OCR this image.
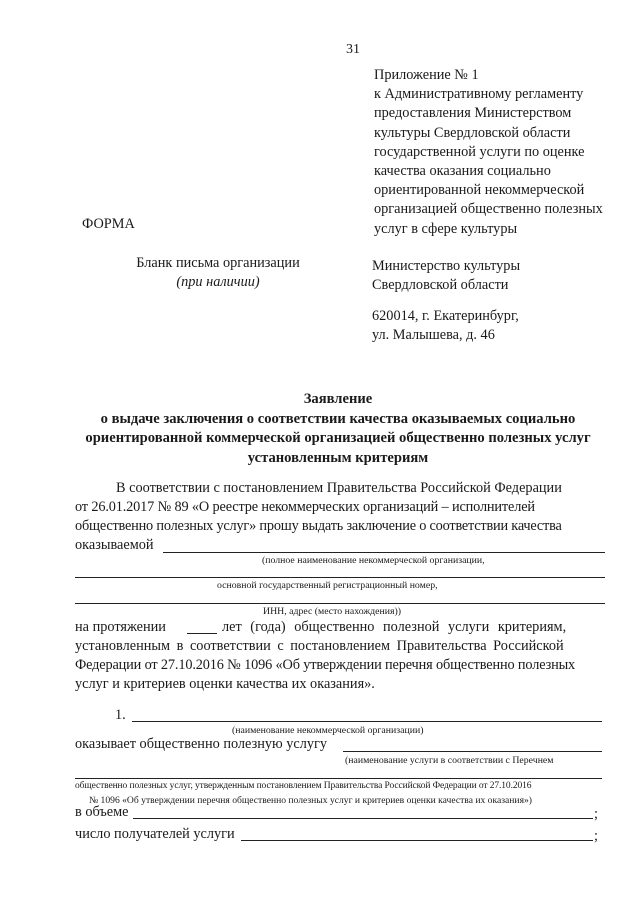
31
Приложение № 1
к Административному регламенту
предоставления Министерством
культуры Свердловской области
государственной услуги по оценке
качества оказания социально
ориентированной некоммерческой
организацией общественно полезных
услуг в сфере культуры
ФОРМА
Бланк письма организации
(при наличии)
Министерство культуры
Свердловской области
620014, г. Екатеринбург,
ул. Малышева, д. 46
Заявление
о выдаче заключения о соответствии качества оказываемых социально
ориентированной коммерческой организацией общественно полезных услуг
установленным критериям
В соответствии с постановлением Правительства Российской Федерации
от 26.01.2017 № 89 «О реестре некоммерческих организаций – исполнителей
общественно полезных услуг» прошу выдать заключение о соответствии качества
оказываемой
(полное наименование некоммерческой организации,
основной государственный регистрационный номер,
ИНН, адрес (место нахождения))
на протяжении	лет (года) общественно полезной услуги критериям,
установленным в соответствии с постановлением Правительства Российской
Федерации от 27.10.2016 № 1096 «Об утверждении перечня общественно полезных
услуг и критериев оценки качества их оказания».
1.
(наименование некоммерческой организации)
оказывает общественно полезную услугу
(наименование услуги в соответствии с Перечнем
общественно полезных услуг, утвержденным постановлением Правительства Российской Федерации от 27.10.2016
№ 1096 «Об утверждении перечня общественно полезных услуг и критериев оценки качества их оказания»)
в объеме	;
число получателей услуги	;
